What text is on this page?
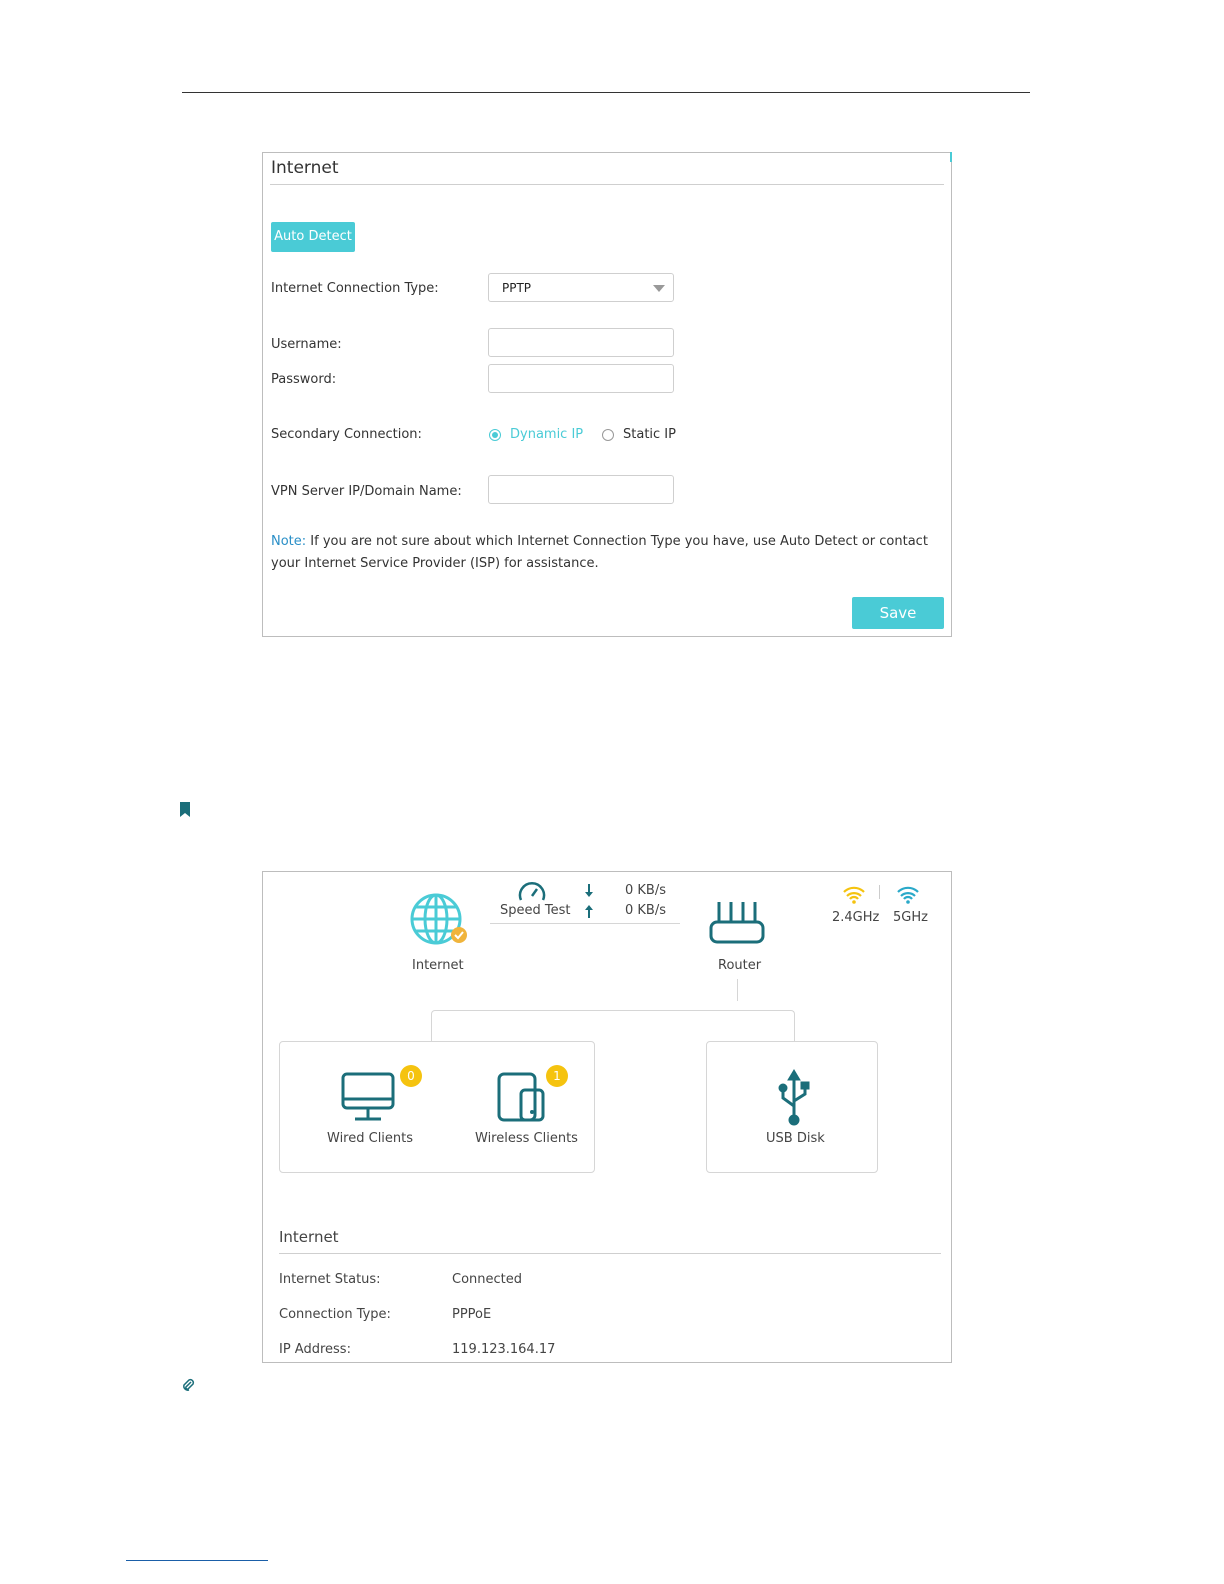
Internet
Auto Detect
Internet Connection Type:	PPTP
Username:
Password:
Secondary Connection:	Dynamic IP	Static IP
VPN Server IP/Domain Name:
Note: If you are not sure about which Internet Connection Type you have, use Auto Detect or contact your Internet Service Provider (ISP) for assistance.
Save
Internet
Speed Test
0 KB/s
0 KB/s
Router
2.4GHz 5GHz
0
Wired Clients
1
Wireless Clients	USB Disk
Internet
Internet Status:	Connected
Connection Type:	PPPoE
IP Address:	119.123.164.17
